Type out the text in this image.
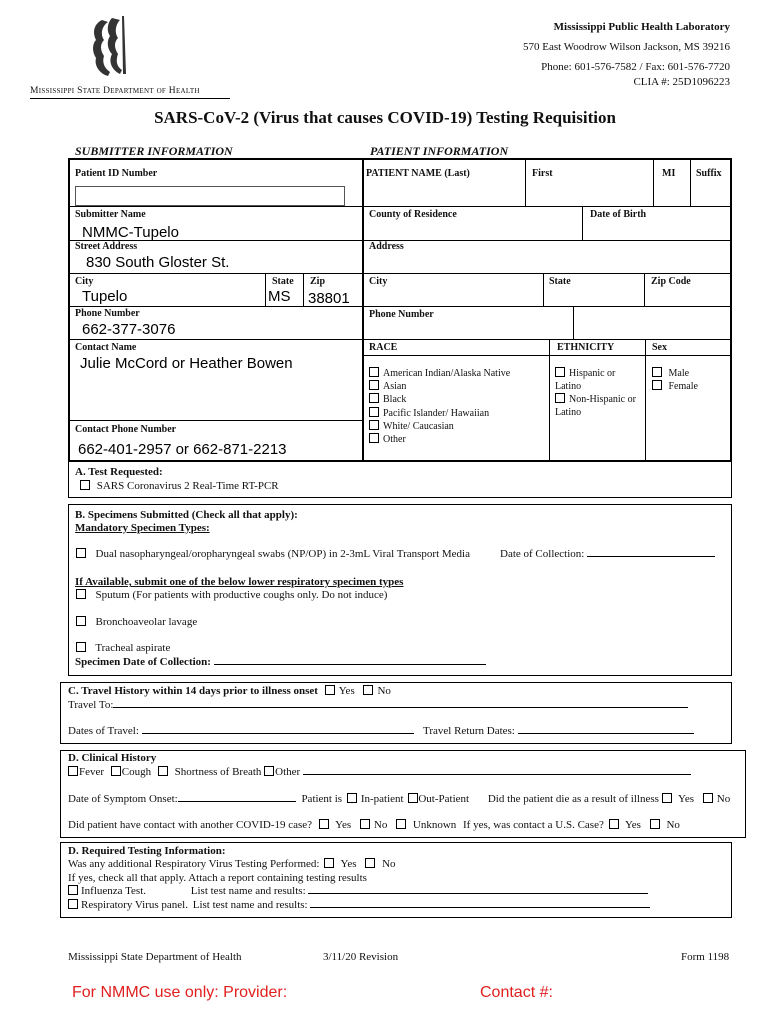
Mississippi State Department of Health
Mississippi Public Health Laboratory
570 East Woodrow Wilson Jackson, MS 39216
Phone: 601-576-7582 / Fax: 601-576-7720
CLIA #: 25D1096223
SARS-CoV-2 (Virus that causes COVID-19) Testing Requisition
SUBMITTER INFORMATION	PATIENT INFORMATION
Patient ID Number
Submitter Name
NMMC-Tupelo
Street Address
830 South Gloster St.
City	State Zip
Tupelo	MS 38801
Phone Number
662-377-3076
Contact Name
Julie McCord or Heather Bowen
Contact Phone Number
662-401-2957 or 662-871-2213
PATIENT NAME (Last)	First	MI Suffix
County of Residence	Date of Birth
Address
City	State	Zip Code
Phone Number
RACE	ETHNICITY	Sex
American Indian/Alaska Native
Asian
Black
Pacific Islander/ Hawaiian
White/ Caucasian
Other
Hispanic or
Latino
Non-Hispanic or
Latino
Male
Female
A. Test Requested:
SARS Coronavirus 2 Real-Time RT-PCR
B. Specimens Submitted (Check all that apply):
Mandatory Specimen Types:
Dual nasopharyngeal/oropharyngeal swabs (NP/OP) in 2-3mL Viral Transport Media	Date of Collection:
If Available, submit one of the below lower respiratory specimen types
Sputum (For patients with productive coughs only. Do not induce)
Bronchoaveolar lavage
Tracheal aspirate
Specimen Date of Collection:
C. Travel History within 14 days prior to illness onset Yes No
Travel To:
Dates of Travel:	Travel Return Dates:
D. Clinical History
Fever Cough Shortness of Breath Other
Date of Symptom Onset:	Patient is In-patient Out-Patient Did the patient die as a result of illness Yes No
Did patient have contact with another COVID-19 case? Yes No Unknown If yes, was contact a U.S. Case? Yes No
D. Required Testing Information:
Was any additional Respiratory Virus Testing Performed: Yes No
If yes, check all that apply. Attach a report containing testing results
Influenza Test.	List test name and results:
Respiratory Virus panel. List test name and results:
Mississippi State Department of Health	3/11/20 Revision	Form 1198
For NMMC use only: Provider:	Contact #:
